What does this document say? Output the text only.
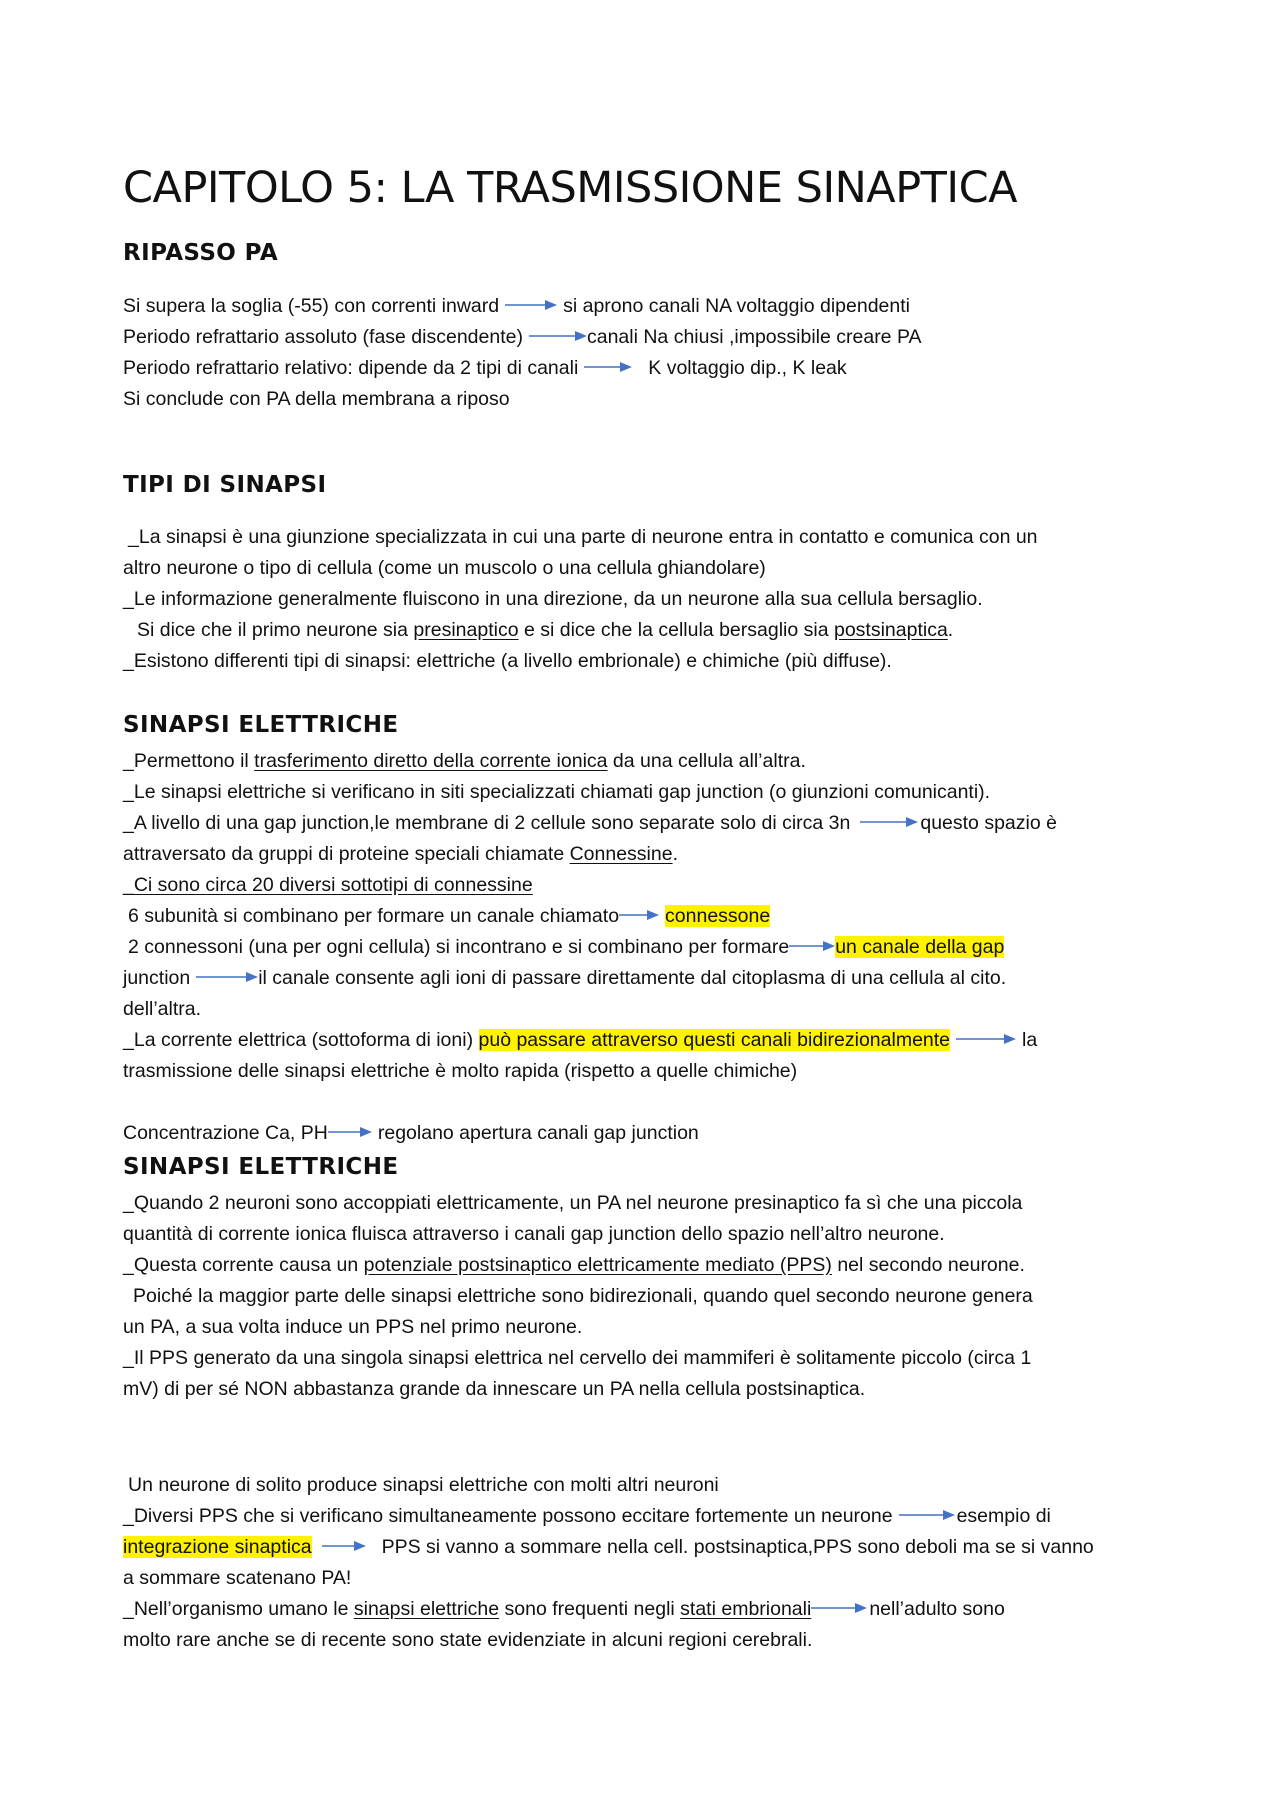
CAPITOLO 5: LA TRASMISSIONE SINAPTICA
RIPASSO PA

Si supera la soglia (-55) con correnti inward	si aprono canali NA voltaggio dipendenti

Periodo refrattario assoluto (fase discendente)	canali Na chiusi ,impossibile creare PA

Periodo refrattario relativo: dipende da 2 tipi di canali	K voltaggio dip., K leak

Si conclude con PA della membrana a riposo

TIPI DI SINAPSI

_La sinapsi è una giunzione specializzata in cui una parte di neurone entra in contatto e comunica con un

altro neurone o tipo di cellula (come un muscolo o una cellula ghiandolare)

_Le informazione generalmente fluiscono in una direzione, da un neurone alla sua cellula bersaglio.

Si dice che il primo neurone sia presinaptico e si dice che la cellula bersaglio sia postsinaptica.

_Esistono differenti tipi di sinapsi: elettriche (a livello embrionale) e chimiche (più diffuse).

SINAPSI ELETTRICHE

_Permettono il trasferimento diretto della corrente ionica da una cellula all’altra.

_Le sinapsi elettriche si verificano in siti specializzati chiamati gap junction (o giunzioni comunicanti).

_A livello di una gap junction,le membrane di 2 cellule sono separate solo di circa 3n	questo spazio è

attraversato da gruppi di proteine speciali chiamate Connessine.

_Ci sono circa 20 diversi sottotipi di connessine

6 subunità si combinano per formare un canale chiamato connessone

2 connessoni (una per ogni cellula) si incontrano e si combinano per formare un canale della gap

junction	il canale consente agli ioni di passare direttamente dal citoplasma di una cellula al cito.

dell’altra.

_La corrente elettrica (sottoforma di ioni) può passare attraverso questi canali bidirezionalmente	la

trasmissione delle sinapsi elettriche è molto rapida (rispetto a quelle chimiche)

Concentrazione Ca, PH	regolano apertura canali gap junction

SINAPSI ELETTRICHE

_Quando 2 neuroni sono accoppiati elettricamente, un PA nel neurone presinaptico fa sì che una piccola

quantità di corrente ionica fluisca attraverso i canali gap junction dello spazio nell’altro neurone.

_Questa corrente causa un potenziale postsinaptico elettricamente mediato (PPS) nel secondo neurone.

Poiché la maggior parte delle sinapsi elettriche sono bidirezionali, quando quel secondo neurone genera

un PA, a sua volta induce un PPS nel primo neurone.

_Il PPS generato da una singola sinapsi elettrica nel cervello dei mammiferi è solitamente piccolo (circa 1

mV) di per sé NON abbastanza grande da innescare un PA nella cellula postsinaptica.

Un neurone di solito produce sinapsi elettriche con molti altri neuroni

_Diversi PPS che si verificano simultaneamente possono eccitare fortemente un neurone	esempio di

integrazione sinaptica	PPS si vanno a sommare nella cell. postsinaptica,PPS sono deboli ma se si vanno

a sommare scatenano PA!

_Nell’organismo umano le sinapsi elettriche sono frequenti negli stati embrionali	nell’adulto sono

molto rare anche se di recente sono state evidenziate in alcuni regioni cerebrali.
